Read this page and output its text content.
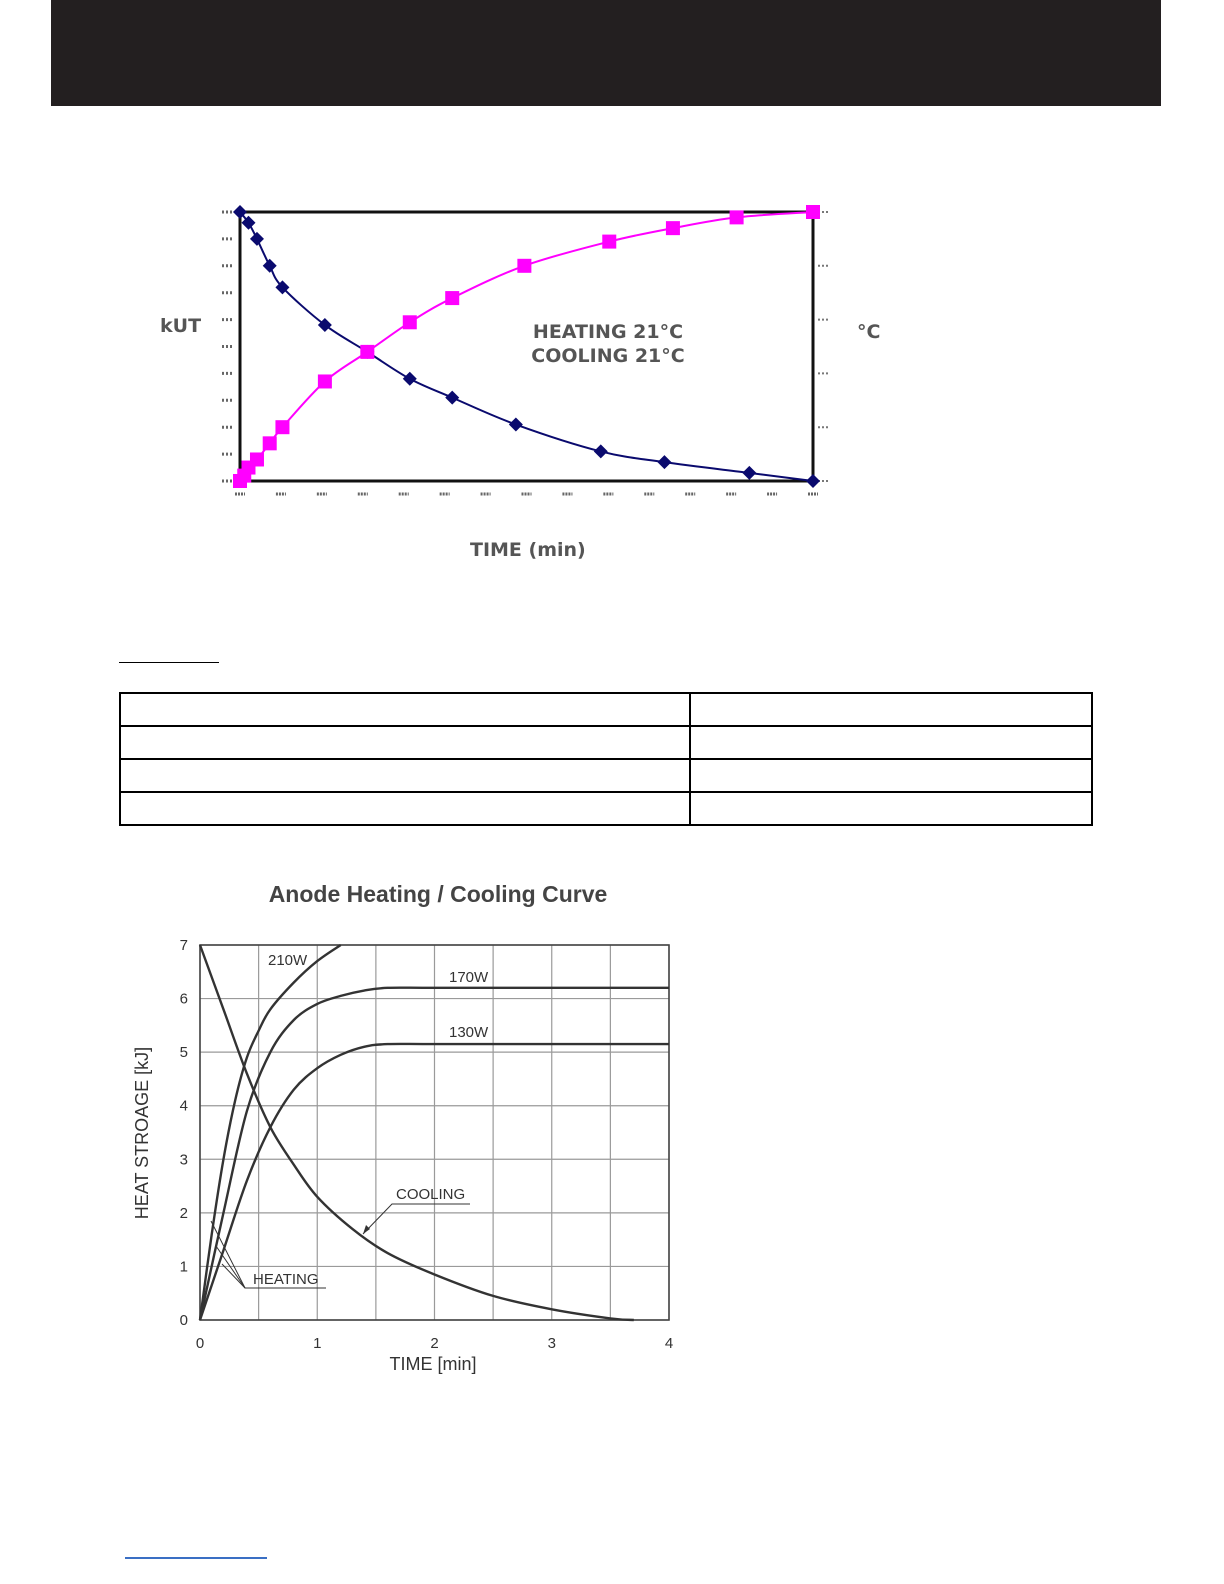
kUT	°C
TIME (min)
HEATING 21°C
COOLING 21°C

Anode Heating / Cooling Curve
0	1	2	3	4
0
1
2
3
4
5
6
7
TIME [min]
HEAT STROAGE [kJ]
210W
170W
130W
COOLING
HEATING
